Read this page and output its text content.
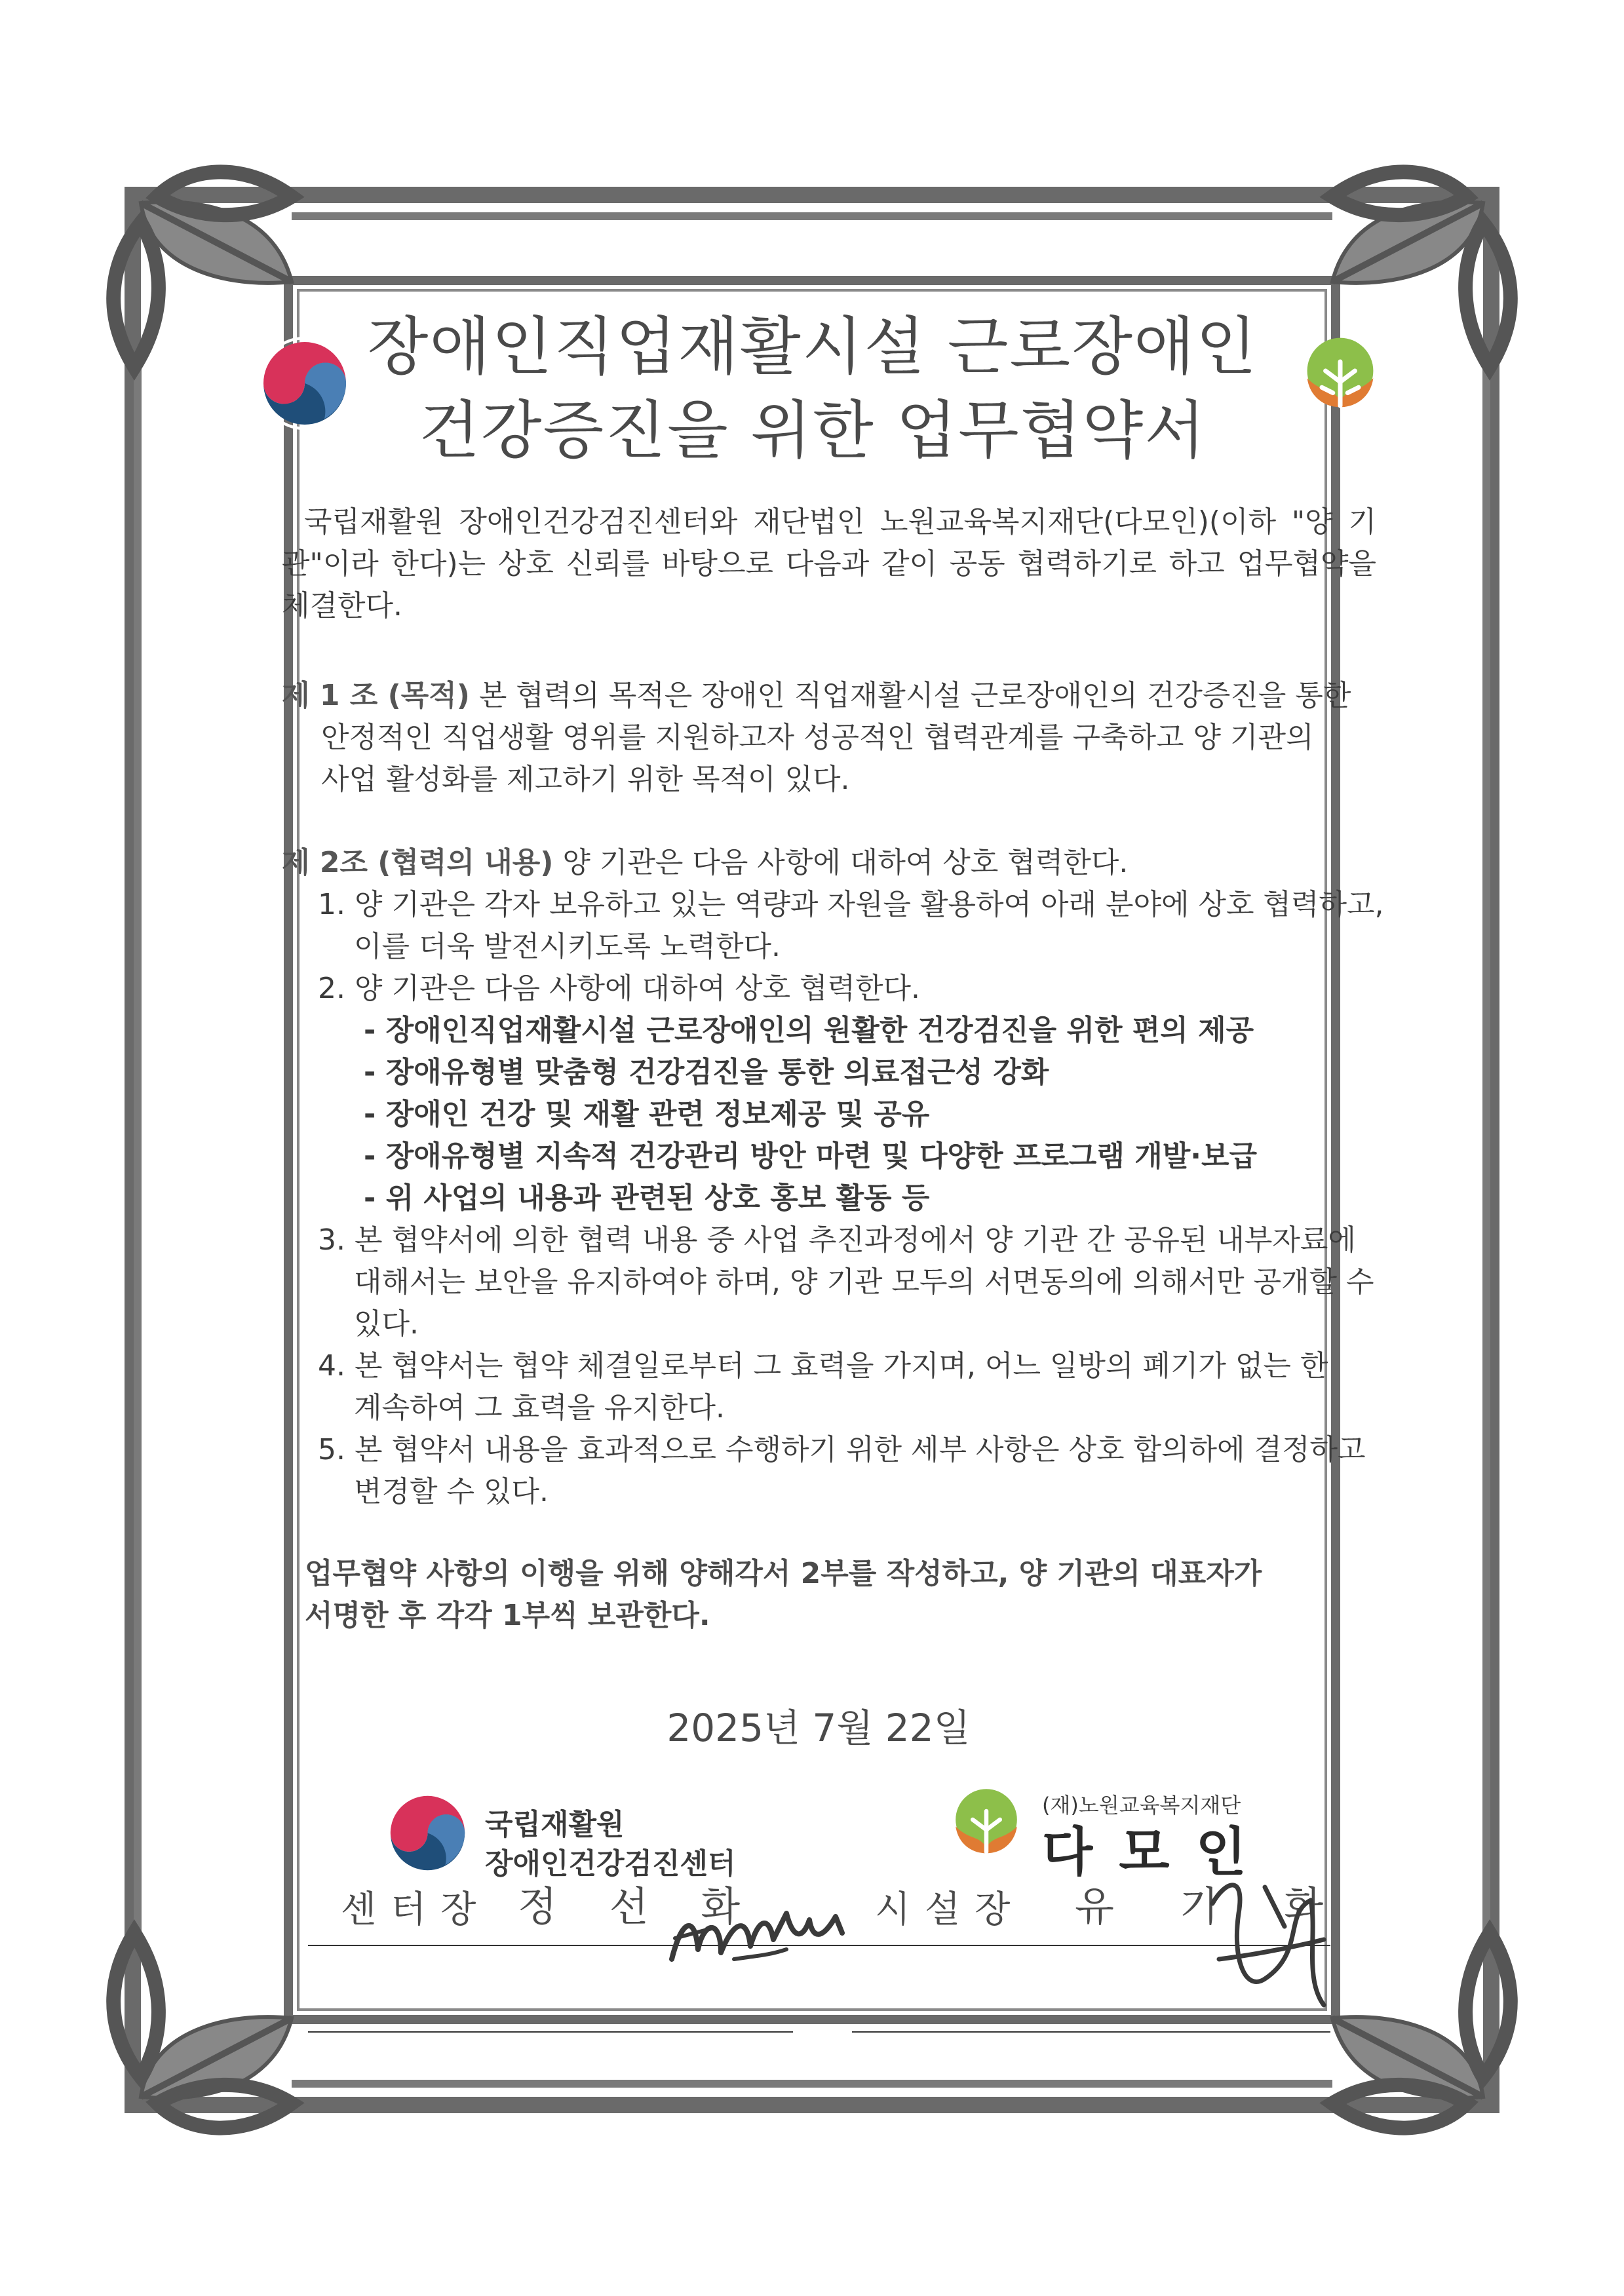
장애인직업재활시설 근로장애인
건강증진을 위한 업무협약서
국립재활원 장애인건강검진센터와 재단법인 노원교육복지재단(다모인)(이하 "양 기관"이라 한다)는 상호 신뢰를 바탕으로 다음과 같이 공동 협력하기로 하고 업무협약을 체결한다.
제 1 조 (목적) 본 협력의 목적은 장애인 직업재활시설 근로장애인의 건강증진을 통한
안정적인 직업생활 영위를 지원하고자 성공적인 협력관계를 구축하고 양 기관의
사업 활성화를 제고하기 위한 목적이 있다.
제 2조 (협력의 내용) 양 기관은 다음 사항에 대하여 상호 협력한다.
1. 양 기관은 각자 보유하고 있는 역량과 자원을 활용하여 아래 분야에 상호 협력하고,
이를 더욱 발전시키도록 노력한다.
2. 양 기관은 다음 사항에 대하여 상호 협력한다.
- 장애인직업재활시설 근로장애인의 원활한 건강검진을 위한 편의 제공
- 장애유형별 맞춤형 건강검진을 통한 의료접근성 강화
- 장애인 건강 및 재활 관련 정보제공 및 공유
- 장애유형별 지속적 건강관리 방안 마련 및 다양한 프로그램 개발·보급
- 위 사업의 내용과 관련된 상호 홍보 활동 등
3. 본 협약서에 의한 협력 내용 중 사업 추진과정에서 양 기관 간 공유된 내부자료에
대해서는 보안을 유지하여야 하며, 양 기관 모두의 서면동의에 의해서만 공개할 수
있다.
4. 본 협약서는 협약 체결일로부터 그 효력을 가지며, 어느 일방의 폐기가 없는 한
계속하여 그 효력을 유지한다.
5. 본 협약서 내용을 효과적으로 수행하기 위한 세부 사항은 상호 합의하에 결정하고
변경할 수 있다.
업무협약 사항의 이행을 위해 양해각서 2부를 작성하고, 양 기관의 대표자가
서명한 후 각각 1부씩 보관한다.
2025년 7월 22일
국립재활원
장애인건강검진센터
(재)노원교육복지재단
다모인
센터장 정 선 화	시설장 유 기 화
